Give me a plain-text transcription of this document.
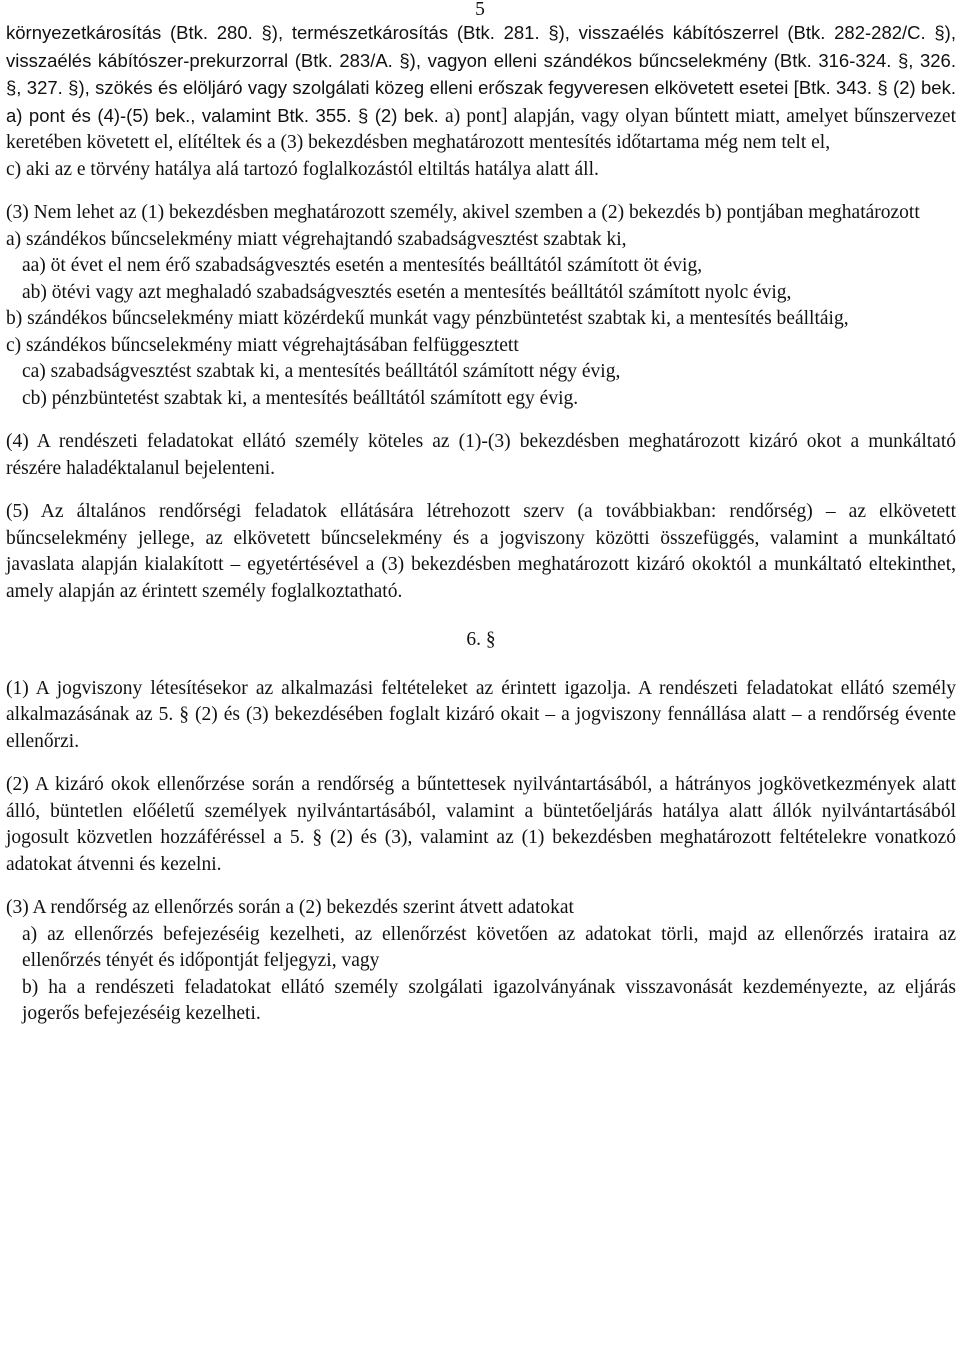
5

környezetkárosítás (Btk. 280. §), természetkárosítás (Btk. 281. §), visszaélés kábítószerrel (Btk. 282-282/C. §), visszaélés kábítószer-prekurzorral (Btk. 283/A. §), vagyon elleni szándékos bűncselekmény (Btk. 316-324. §, 326. §, 327. §), szökés és elöljáró vagy szolgálati közeg elleni erőszak fegyveresen elkövetett esetei [Btk. 343. § (2) bek. a) pont és (4)-(5) bek., valamint Btk. 355. § (2) bek. a) pont] alapján, vagy olyan bűntett miatt, amelyet bűnszervezet keretében követett el, elítéltek és a (3) bekezdésben meghatározott mentesítés időtartama még nem telt el,

c) aki az e törvény hatálya alá tartozó foglalkozástól eltiltás hatálya alatt áll.

(3) Nem lehet az (1) bekezdésben meghatározott személy, akivel szemben a (2) bekezdés b) pontjában meghatározott

a) szándékos bűncselekmény miatt végrehajtandó szabadságvesztést szabtak ki,

aa) öt évet el nem érő szabadságvesztés esetén a mentesítés beálltától számított öt évig,

ab) ötévi vagy azt meghaladó szabadságvesztés esetén a mentesítés beálltától számított nyolc évig,

b) szándékos bűncselekmény miatt közérdekű munkát vagy pénzbüntetést szabtak ki, a mentesítés beálltáig,

c) szándékos bűncselekmény miatt végrehajtásában felfüggesztett

ca) szabadságvesztést szabtak ki, a mentesítés beálltától számított négy évig,

cb) pénzbüntetést szabtak ki, a mentesítés beálltától számított egy évig.

(4) A rendészeti feladatokat ellátó személy köteles az (1)-(3) bekezdésben meghatározott kizáró okot a munkáltató részére haladéktalanul bejelenteni.

(5) Az általános rendőrségi feladatok ellátására létrehozott szerv (a továbbiakban: rendőrség) – az elkövetett bűncselekmény jellege, az elkövetett bűncselekmény és a jogviszony közötti összefüggés, valamint a munkáltató javaslata alapján kialakított – egyetértésével a (3) bekezdésben meghatározott kizáró okoktól a munkáltató eltekinthet, amely alapján az érintett személy foglalkoztatható.

6. §

(1) A jogviszony létesítésekor az alkalmazási feltételeket az érintett igazolja. A rendészeti feladatokat ellátó személy alkalmazásának az 5. § (2) és (3) bekezdésében foglalt kizáró okait – a jogviszony fennállása alatt – a rendőrség évente ellenőrzi.

(2) A kizáró okok ellenőrzése során a rendőrség a bűntettesek nyilvántartásából, a hátrányos jogkövetkezmények alatt álló, büntetlen előéletű személyek nyilvántartásából, valamint a büntetőeljárás hatálya alatt állók nyilvántartásából jogosult közvetlen hozzáféréssel a 5. § (2) és (3), valamint az (1) bekezdésben meghatározott feltételekre vonatkozó adatokat átvenni és kezelni.

(3) A rendőrség az ellenőrzés során a (2) bekezdés szerint átvett adatokat

a) az ellenőrzés befejezéséig kezelheti, az ellenőrzést követően az adatokat törli, majd az ellenőrzés irataira az ellenőrzés tényét és időpontját feljegyzi, vagy

b) ha a rendészeti feladatokat ellátó személy szolgálati igazolványának visszavonását kezdeményezte, az eljárás jogerős befejezéséig kezelheti.
